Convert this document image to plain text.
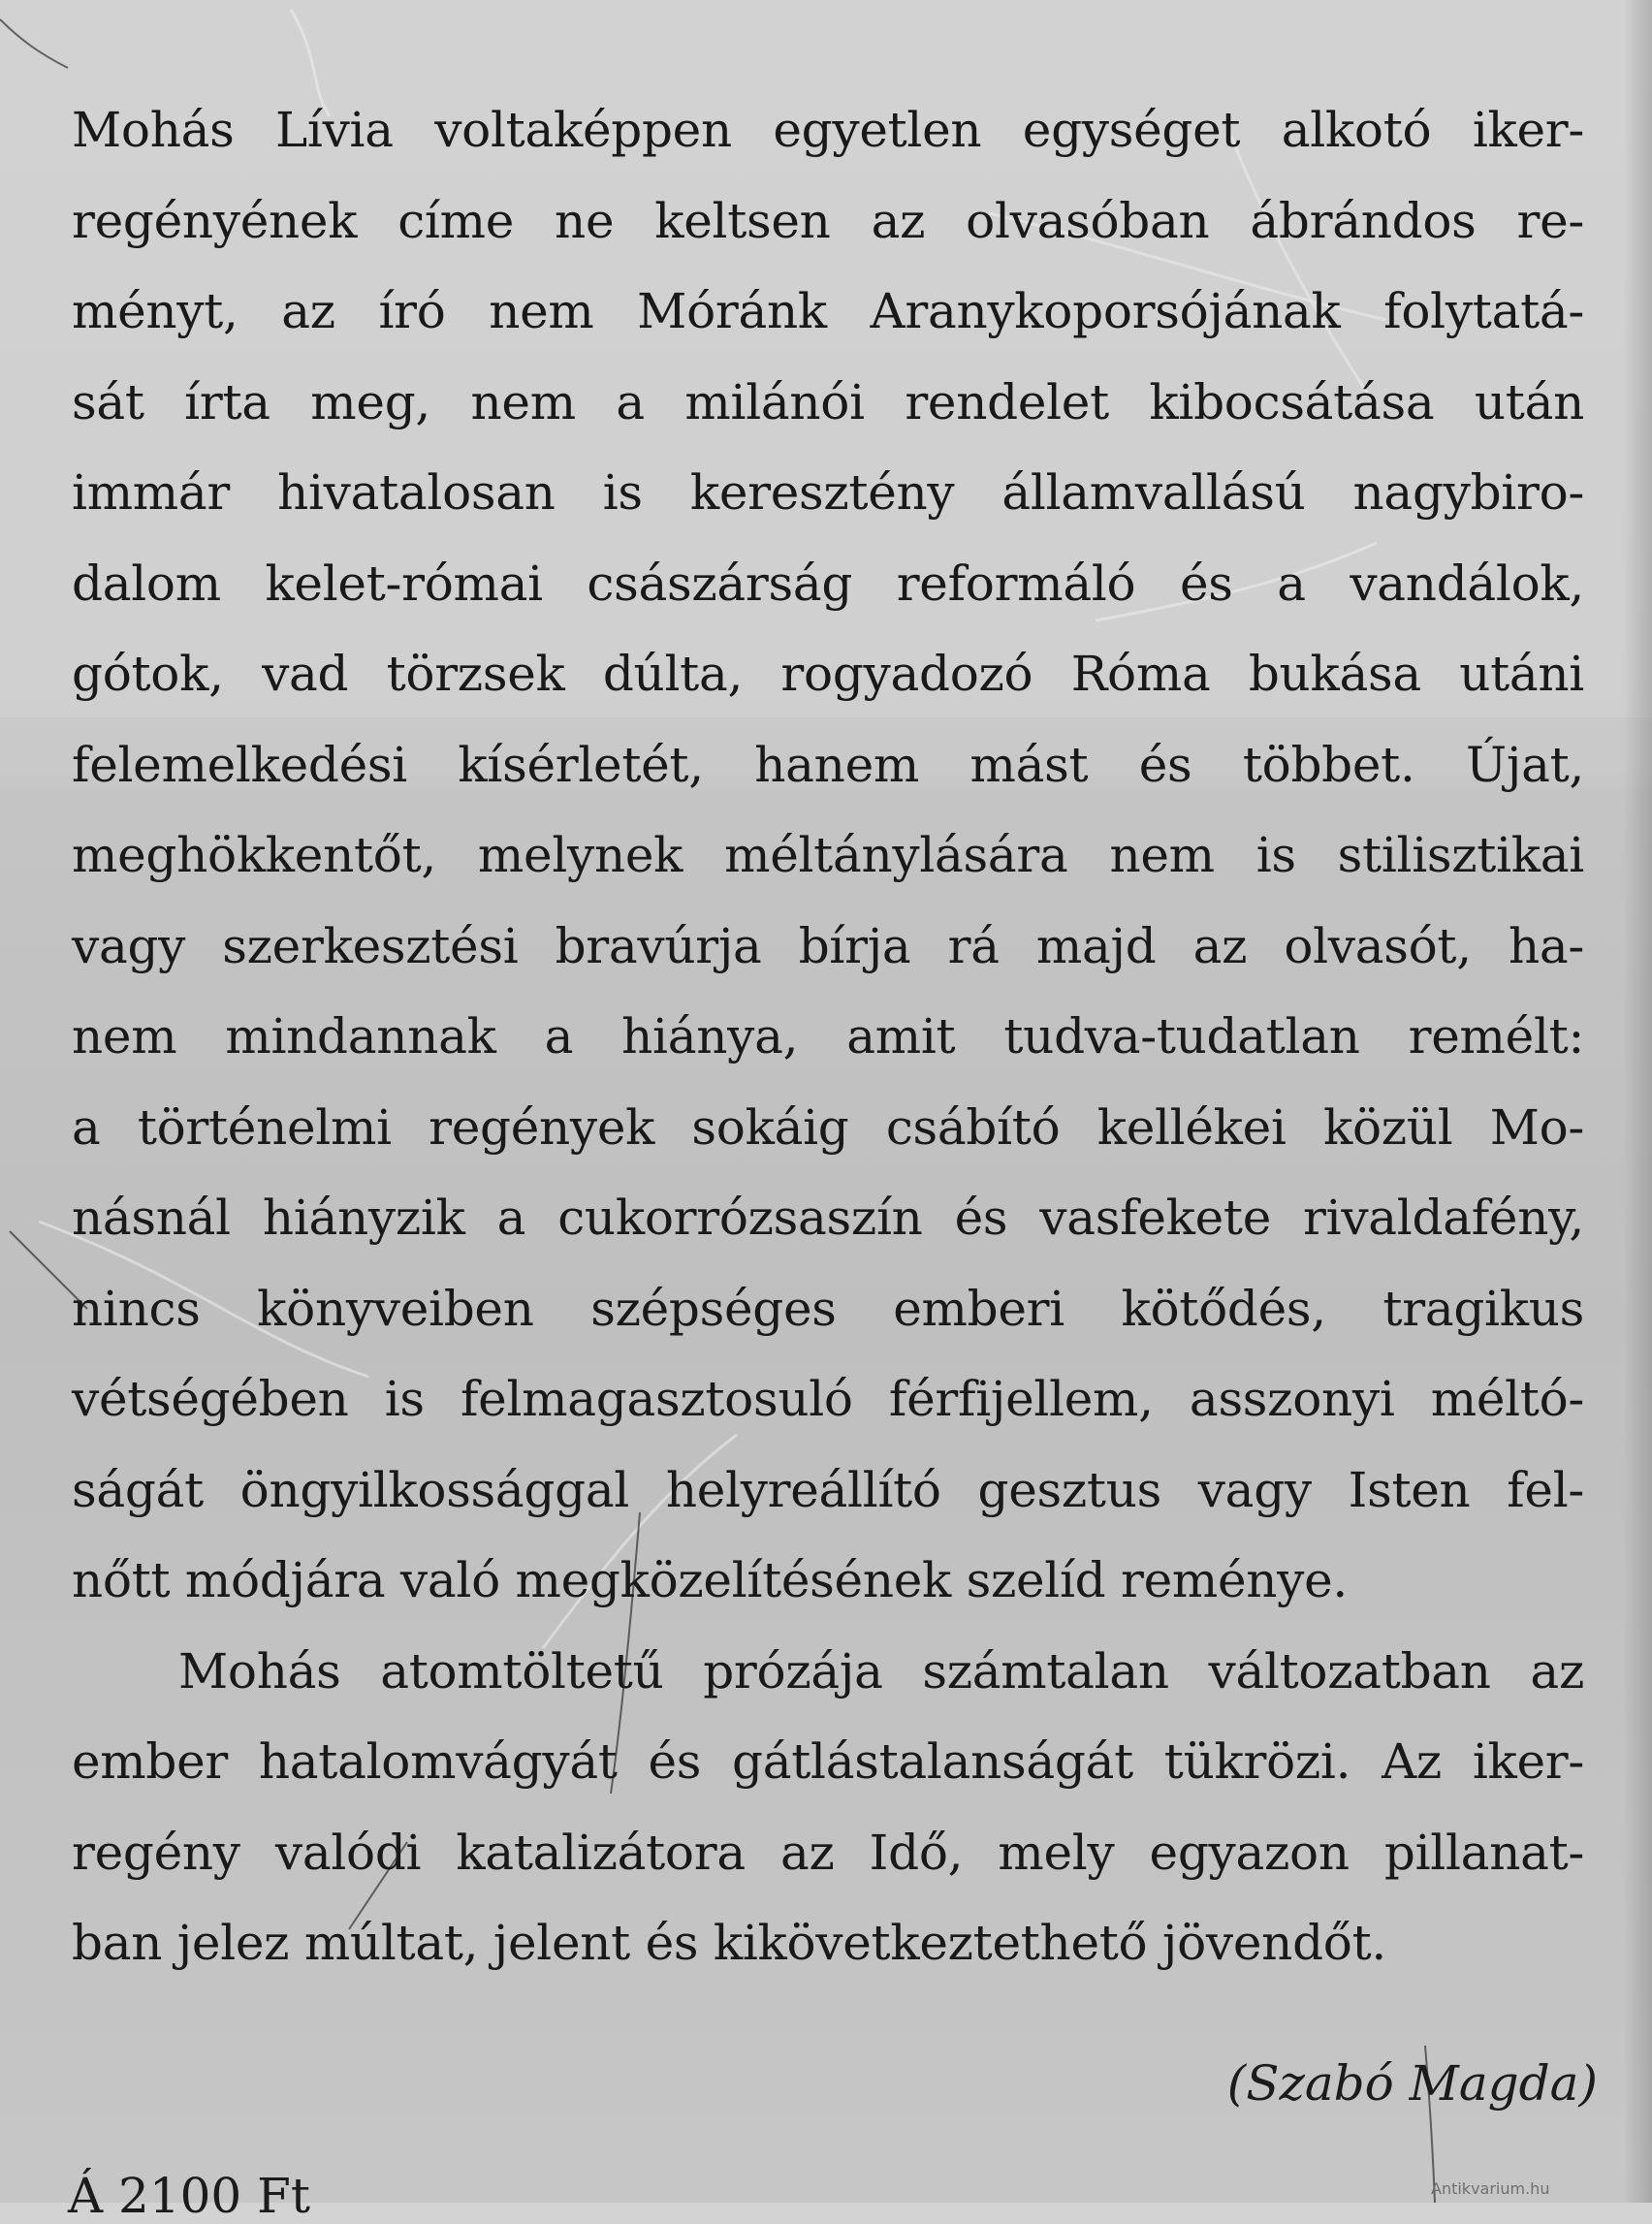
Mohás Lívia voltaképpen egyetlen egységet alkotó iker-
regényének címe ne keltsen az olvasóban ábrándos re-
ményt, az író nem Móránk Aranykoporsójának folytatá-
sát írta meg, nem a milánói rendelet kibocsátása után
immár hivatalosan is keresztény államvallású nagybiro-
dalom kelet-római császárság reformáló és a vandálok,
gótok, vad törzsek dúlta, rogyadozó Róma bukása utáni
felemelkedési kísérletét, hanem mást és többet. Újat,
meghökkentőt, melynek méltánylására nem is stilisztikai
vagy szerkesztési bravúrja bírja rá majd az olvasót, ha-
nem mindannak a hiánya, amit tudva-tudatlan remélt:
a történelmi regények sokáig csábító kellékei közül Mo-
násnál hiányzik a cukorrózsaszín és vasfekete rivaldafény,
nincs könyveiben szépséges emberi kötődés, tragikus
vétségében is felmagasztosuló férfijellem, asszonyi méltó-
ságát öngyilkossággal helyreállító gesztus vagy Isten fel-
nőtt módjára való megközelítésének szelíd reménye.
Mohás atomtöltetű prózája számtalan változatban az
ember hatalomvágyát és gátlástalanságát tükrözi. Az iker-
regény valódi katalizátora az Idő, mely egyazon pillanat-
ban jelez múltat, jelent és kikövetkeztethető jövendőt.
(Szabó Magda)
Á 2100 Ft	Antikvarium.hu
